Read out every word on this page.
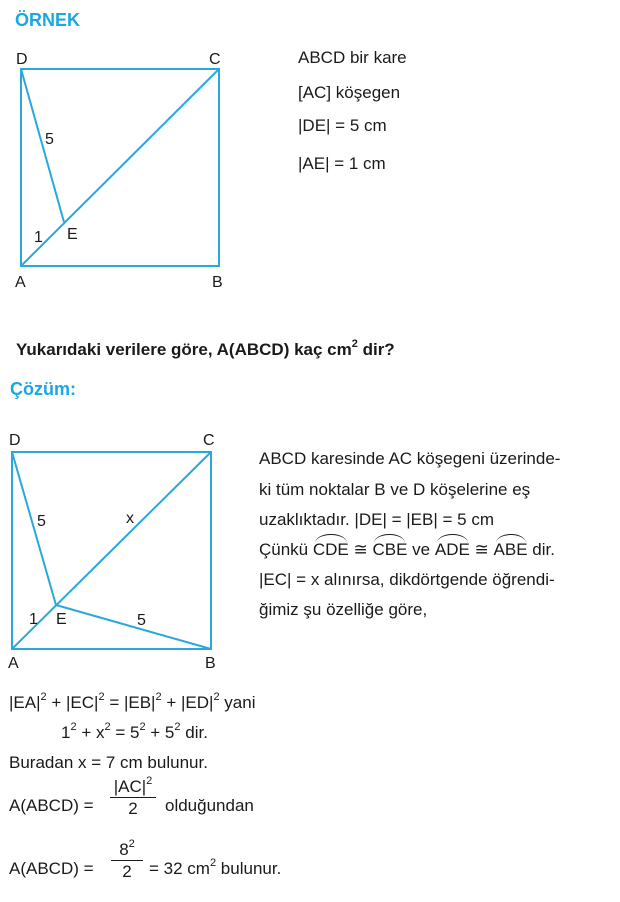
ÖRNEK
D	C
A	B
E
5
1
ABCD bir kare
[AC] köşegen
|DE| = 5 cm
|AE| = 1 cm
Yukarıdaki verilere göre, A(ABCD) kaç $cm^2$ dir?
Çözüm:
D	C
A	B
E
5	x
1	5
ABCD karesinde AC köşegeni üzerinde-
ki tüm noktalar B ve D köşelerine eş
uzaklıktadır. |DE| = |EB| = 5 cm
Çünkü CDE ≅ CBE ve ADE ≅ ABE dir.
|EC| = x alınırsa, dikdörtgende öğrendi-
ğimiz şu özelliğe göre,
$|EA|^2 + |EC|^2 = |EB|^2 + |ED|^2$ yani
$1^2 + x^2 = 5^2 + 5^2$ dir.
Buradan x = 7 cm bulunur.
A(ABCD) =
$|AC|^2$
2	olduğundan
A(ABCD) =
$8^2$
2	= 32 $cm^2$ bulunur.
